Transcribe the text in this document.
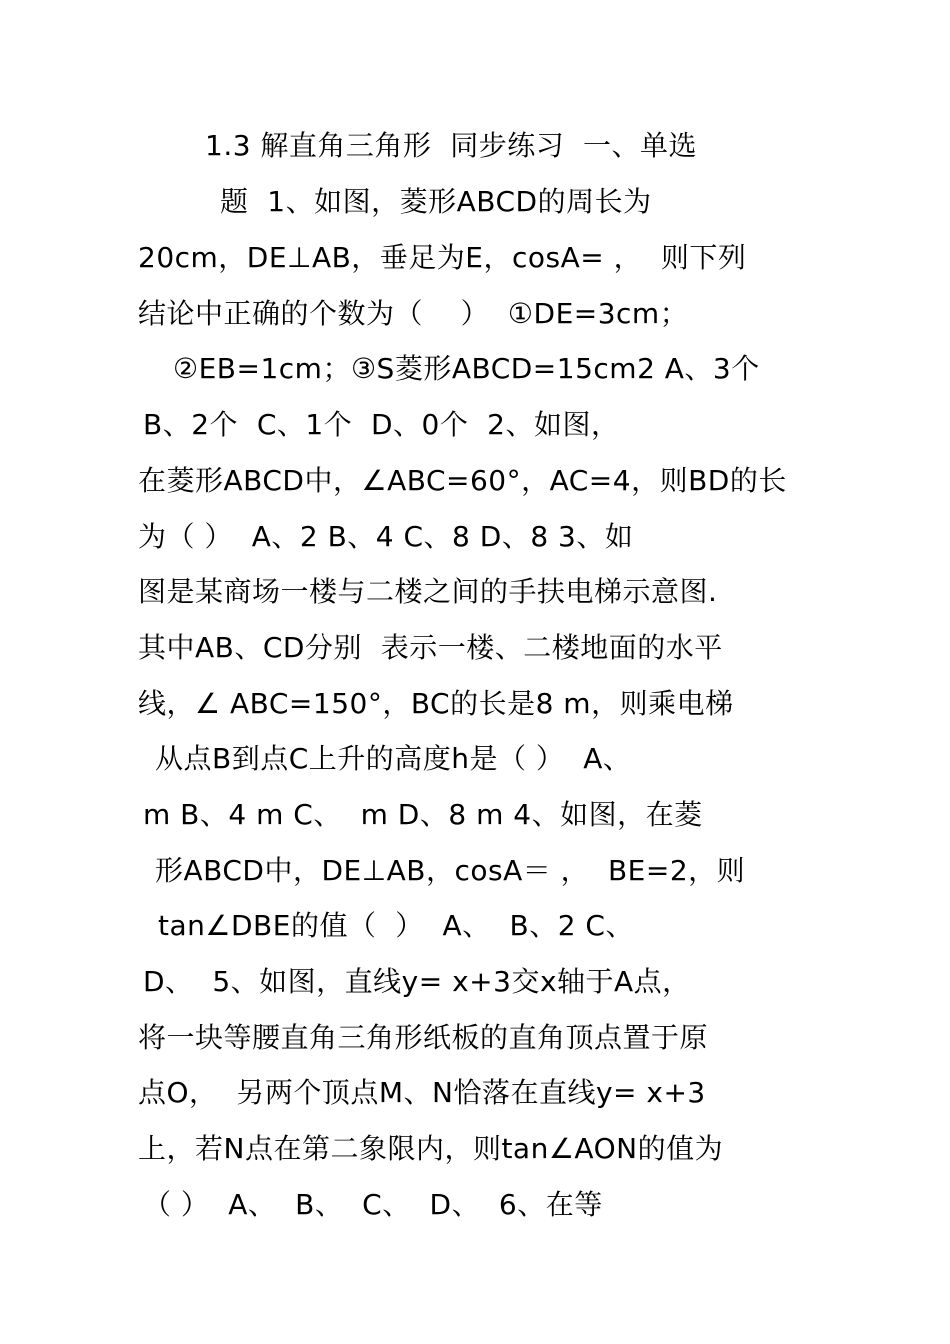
1.3 解直角三角形  同步练习  一、单选
题  1、如图，菱形ABCD的周长为
20cm，DE⊥AB，垂足为E，cosA= ，  则下列
结论中正确的个数为（    ）  ①DE=3cm；
②EB=1cm；③S菱形ABCD=15cm2 A、3个
B、2个  C、1个  D、0个  2、如图，
在菱形ABCD中，∠ABC=60°，AC=4，则BD的长
为（ ）  A、2 B、4 C、8 D、8 3、如
图是某商场一楼与二楼之间的手扶电梯示意图.
其中AB、CD分别  表示一楼、二楼地面的水平
线，∠ ABC=150°，BC的长是8 m，则乘电梯
从点B到点C上升的高度h是（ ）  A、
m B、4 m C、  m D、8 m 4、如图，在菱
形ABCD中，DE⊥AB，cosA＝ ，  BE=2，则
tan∠DBE的值（  ）  A、  B、2 C、
D、  5、如图，直线y= x+3交x轴于A点，
将一块等腰直角三角形纸板的直角顶点置于原
点O，  另两个顶点M、N恰落在直线y= x+3
上，若N点在第二象限内，则tan∠AON的值为
（ ）  A、  B、  C、  D、  6、在等
